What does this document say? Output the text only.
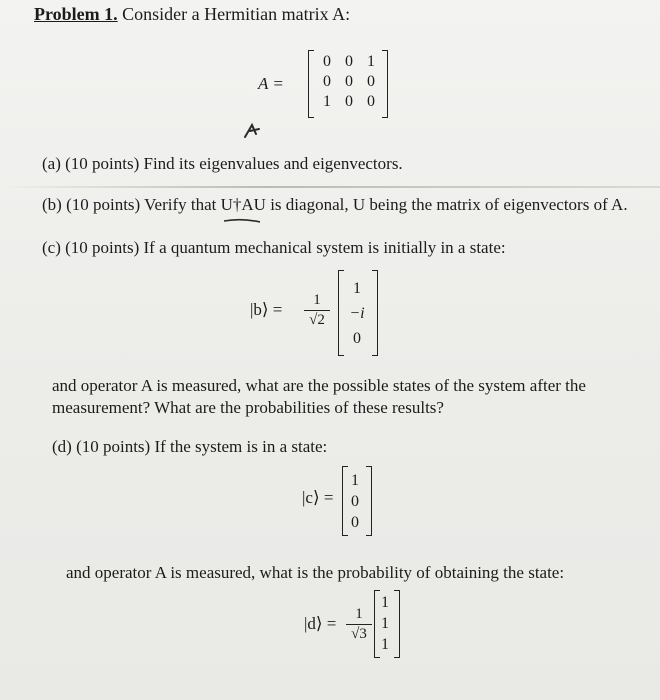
Problem 1. Consider a Hermitian matrix A:
A =
0 0 1
0 0 0
1 0 0
(a) (10 points) Find its eigenvalues and eigenvectors.
(b) (10 points) Verify that U†AU is diagonal, U being the matrix of eigenvectors of A.
(c) (10 points) If a quantum mechanical system is initially in a state:
|b⟩ =	1
√2
1
−i
0
and operator A is measured, what are the possible states of the system after the
measurement? What are the probabilities of these results?
(d) (10 points) If the system is in a state:
|c⟩ =
1
0
0
and operator A is measured, what is the probability of obtaining the state:
|d⟩ =	1
√3
1
1
1
